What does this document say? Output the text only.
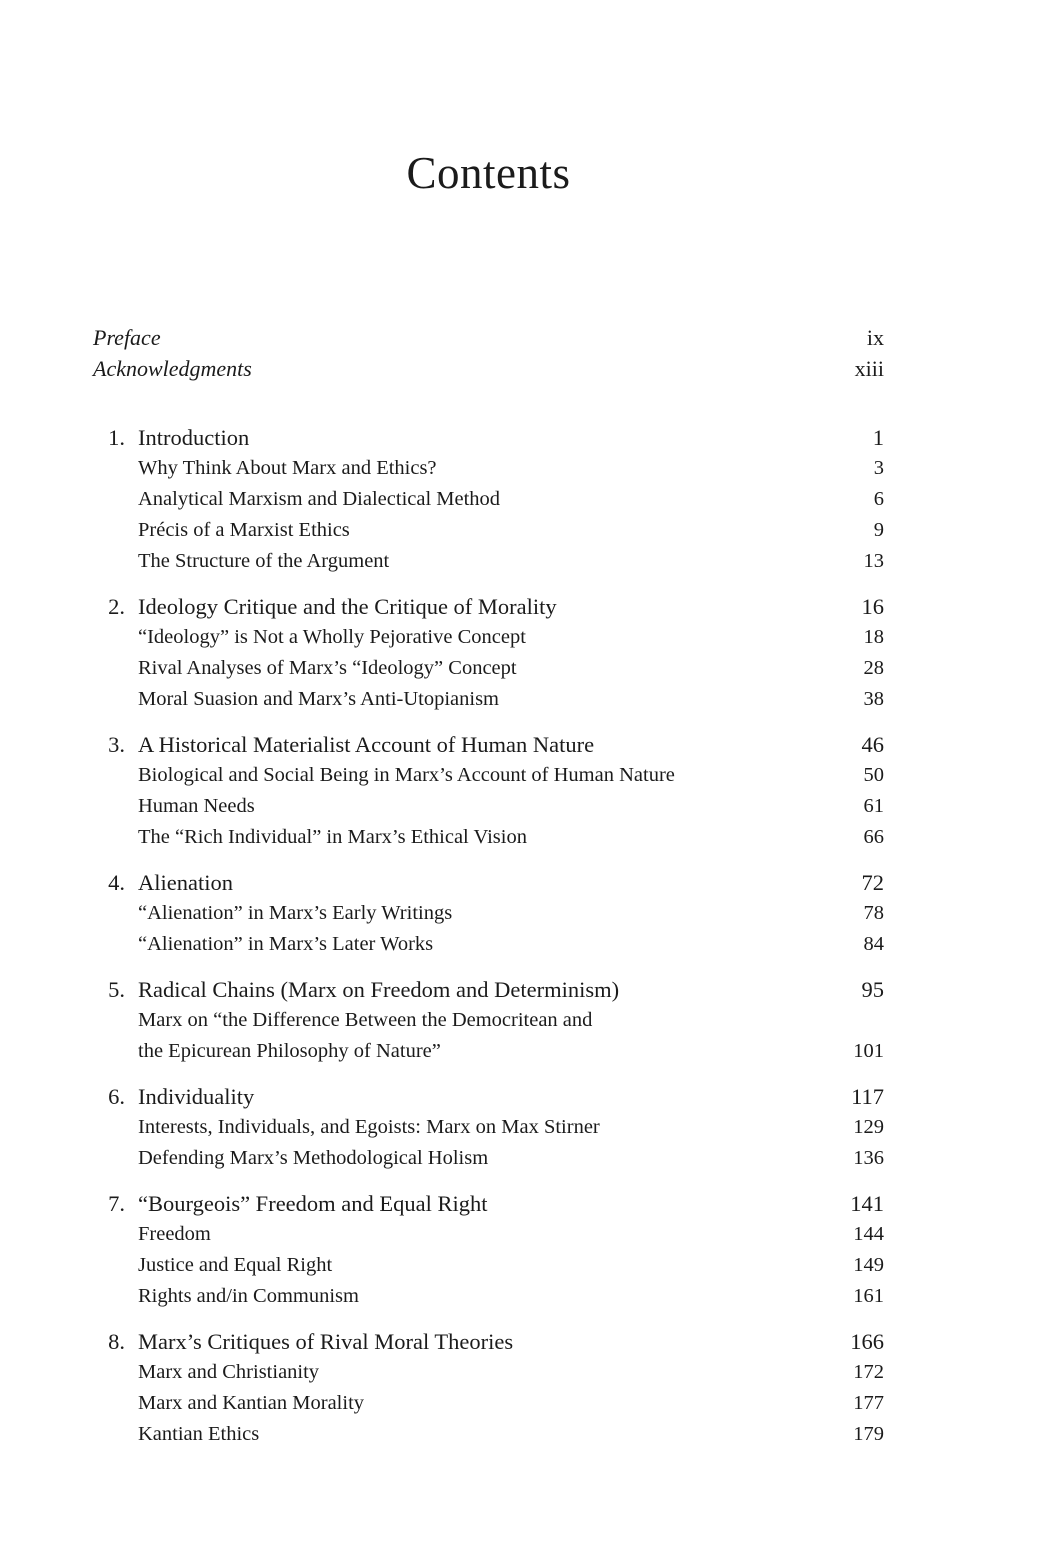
Contents
Preface	ix
Acknowledgments	xiii
1. Introduction	1
Why Think About Marx and Ethics?	3
Analytical Marxism and Dialectical Method	6
Précis of a Marxist Ethics	9
The Structure of the Argument	13
2. Ideology Critique and the Critique of Morality	16
“Ideology” is Not a Wholly Pejorative Concept	18
Rival Analyses of Marx’s “Ideology” Concept	28
Moral Suasion and Marx’s Anti-Utopianism	38
3. A Historical Materialist Account of Human Nature	46
Biological and Social Being in Marx’s Account of Human Nature	50
Human Needs	61
The “Rich Individual” in Marx’s Ethical Vision	66
4. Alienation	72
“Alienation” in Marx’s Early Writings	78
“Alienation” in Marx’s Later Works	84
5. Radical Chains (Marx on Freedom and Determinism)	95
Marx on “the Difference Between the Democritean and
the Epicurean Philosophy of Nature”	101
6. Individuality	117
Interests, Individuals, and Egoists: Marx on Max Stirner	129
Defending Marx’s Methodological Holism	136
7. “Bourgeois” Freedom and Equal Right	141
Freedom	144
Justice and Equal Right	149
Rights and/in Communism	161
8. Marx’s Critiques of Rival Moral Theories	166
Marx and Christianity	172
Marx and Kantian Morality	177
Kantian Ethics	179
